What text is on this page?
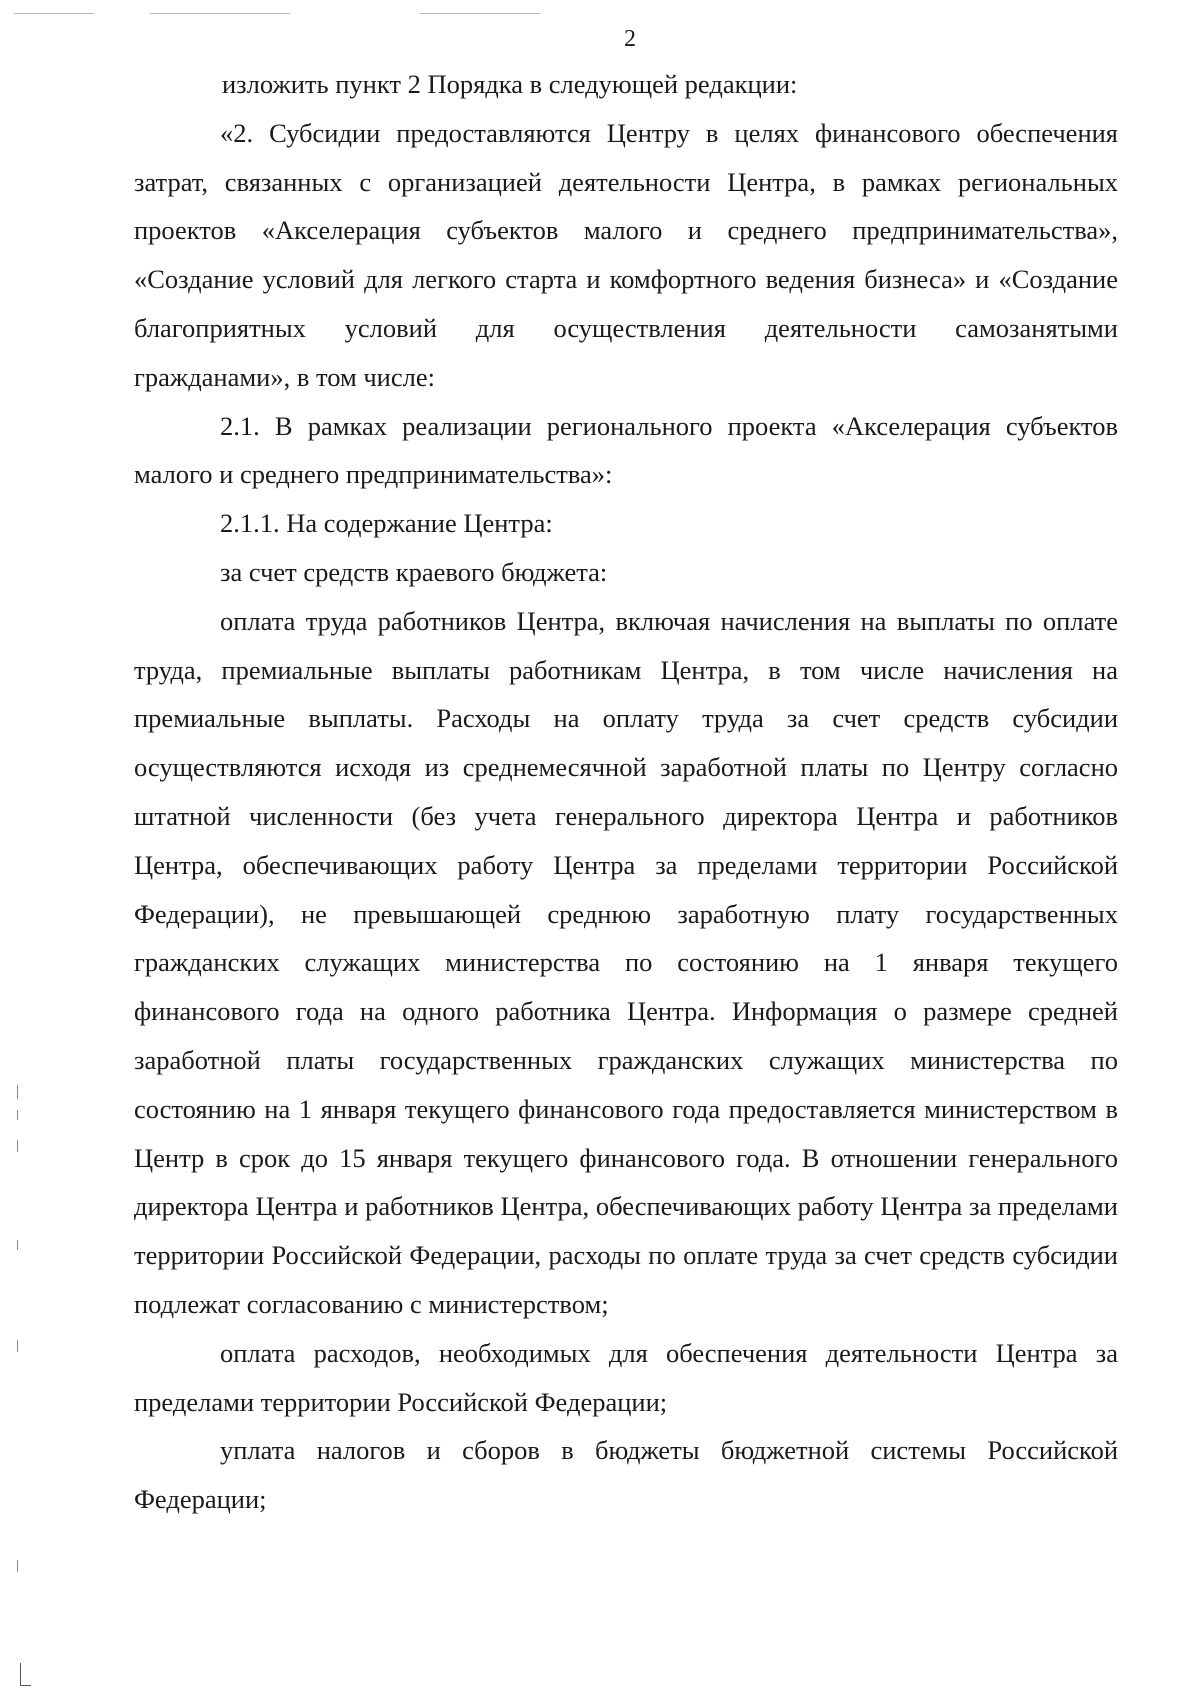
2

изложить пункт 2 Порядка в следующей редакции:

«2. Субсидии предоставляются Центру в целях финансового обеспечения затрат, связанных с организацией деятельности Центра, в рамках региональных проектов «Акселерация субъектов малого и среднего предпринимательства», «Создание условий для легкого старта и комфортного ведения бизнеса» и «Создание благоприятных условий для осуществления деятельности самозанятыми гражданами», в том числе:

2.1. В рамках реализации регионального проекта «Акселерация субъектов малого и среднего предпринимательства»:

2.1.1. На содержание Центра:

за счет средств краевого бюджета:

оплата труда работников Центра, включая начисления на выплаты по оплате труда, премиальные выплаты работникам Центра, в том числе начисления на премиальные выплаты. Расходы на оплату труда за счет средств субсидии осуществляются исходя из среднемесячной заработной платы по Центру согласно штатной численности (без учета генерального директора Центра и работников Центра, обеспечивающих работу Центра за пределами территории Российской Федерации), не превышающей среднюю заработную плату государственных гражданских служащих министерства по состоянию на 1 января текущего финансового года на одного работника Центра. Информация о размере средней заработной платы государственных гражданских служащих министерства по состоянию на 1 января текущего финансового года предоставляется министерством в Центр в срок до 15 января текущего финансового года. В отношении генерального директора Центра и работников Центра, обеспечивающих работу Центра за пределами территории Российской Федерации, расходы по оплате труда за счет средств субсидии подлежат согласованию с министерством;

оплата расходов, необходимых для обеспечения деятельности Центра за пределами территории Российской Федерации;

уплата налогов и сборов в бюджеты бюджетной системы Российской Федерации;
